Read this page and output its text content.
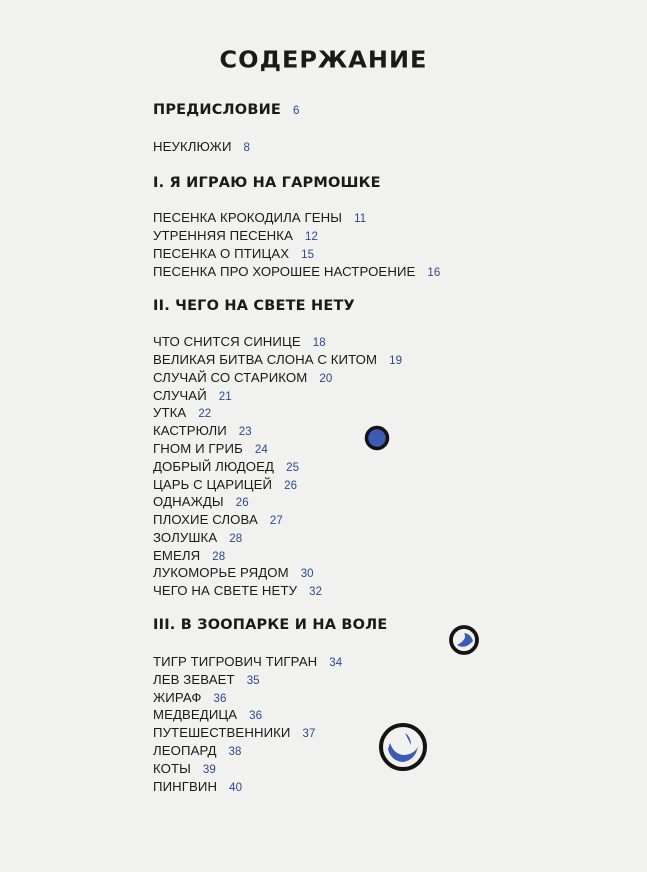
СОДЕРЖАНИЕ
ПРЕДИСЛОВИЕ 6
НЕУКЛЮЖИ 8
I. Я ИГРАЮ НА ГАРМОШКЕ
ПЕСЕНКА КРОКОДИЛА ГЕНЫ 11
УТРЕННЯЯ ПЕСЕНКА 12
ПЕСЕНКА О ПТИЦАХ 15
ПЕСЕНКА ПРО ХОРОШЕЕ НАСТРОЕНИЕ 16
II. ЧЕГО НА СВЕТЕ НЕТУ
ЧТО СНИТСЯ СИНИЦЕ 18
ВЕЛИКАЯ БИТВА СЛОНА С КИТОМ 19
СЛУЧАЙ СО СТАРИКОМ 20
СЛУЧАЙ 21
УТКА 22
КАСТРЮЛИ 23
ГНОМ И ГРИБ 24
ДОБРЫЙ ЛЮДОЕД 25
ЦАРЬ С ЦАРИЦЕЙ 26
ОДНАЖДЫ 26
ПЛОХИЕ СЛОВА 27
ЗОЛУШКА 28
ЕМЕЛЯ 28
ЛУКОМОРЬЕ РЯДОМ 30
ЧЕГО НА СВЕТЕ НЕТУ 32
III. В ЗООПАРКЕ И НА ВОЛЕ
ТИГР ТИГРОВИЧ ТИГРАН 34
ЛЕВ ЗЕВАЕТ 35
ЖИРАФ 36
МЕДВЕДИЦА 36
ПУТЕШЕСТВЕННИКИ 37
ЛЕОПАРД 38
КОТЫ 39
ПИНГВИН 40
